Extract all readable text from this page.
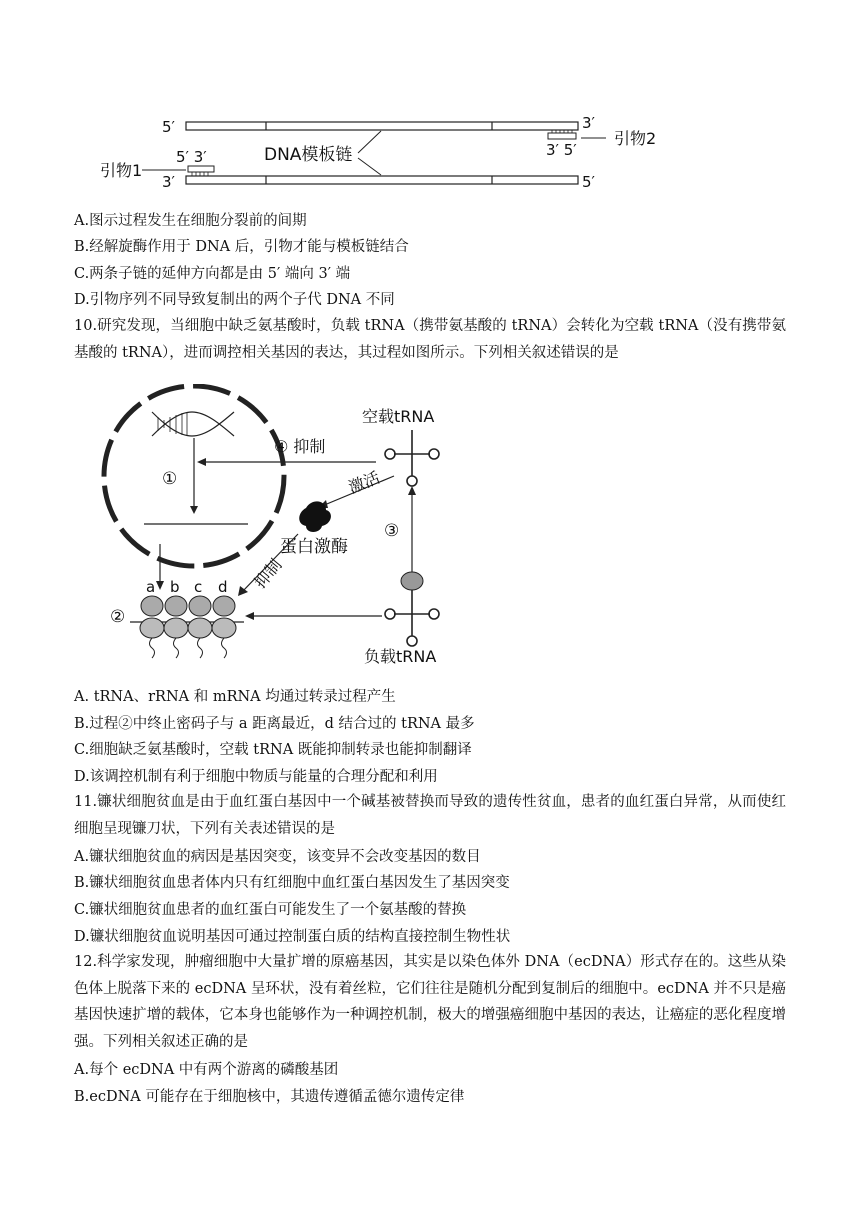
5′	3′
3′ 5′
引物2
DNA模板链
5′ 3′
引物1
3′	5′
A.图示过程发生在细胞分裂前的间期
B.经解旋酶作用于 DNA 后，引物才能与模板链结合
C.两条子链的延伸方向都是由 5′ 端向 3′ 端
D.引物序列不同导致复制出的两个子代 DNA 不同
10.研究发现，当细胞中缺乏氨基酸时，负载 tRNA（携带氨基酸的 tRNA）会转化为空载 tRNA（没有携带氨基酸的 tRNA），进而调控相关基因的表达，其过程如图所示。下列相关叙述错误的是
①
④ 抑制
空载tRNA
激活
蛋白激酶
③
负载tRNA
抑制
②
a b c d
A. tRNA、rRNA 和 mRNA 均通过转录过程产生
B.过程②中终止密码子与 a 距离最近，d 结合过的 tRNA 最多
C.细胞缺乏氨基酸时，空载 tRNA 既能抑制转录也能抑制翻译
D.该调控机制有利于细胞中物质与能量的合理分配和利用
11.镰状细胞贫血是由于血红蛋白基因中一个碱基被替换而导致的遗传性贫血，患者的血红蛋白异常，从而使红细胞呈现镰刀状，下列有关表述错误的是
A.镰状细胞贫血的病因是基因突变，该变异不会改变基因的数目
B.镰状细胞贫血患者体内只有红细胞中血红蛋白基因发生了基因突变
C.镰状细胞贫血患者的血红蛋白可能发生了一个氨基酸的替换
D.镰状细胞贫血说明基因可通过控制蛋白质的结构直接控制生物性状
12.科学家发现，肿瘤细胞中大量扩增的原癌基因，其实是以染色体外 DNA（ecDNA）形式存在的。这些从染色体上脱落下来的 ecDNA 呈环状，没有着丝粒，它们往往是随机分配到复制后的细胞中。ecDNA 并不只是癌基因快速扩增的载体，它本身也能够作为一种调控机制，极大的增强癌细胞中基因的表达，让癌症的恶化程度增强。下列相关叙述正确的是
A.每个 ecDNA 中有两个游离的磷酸基团
B.ecDNA 可能存在于细胞核中，其遗传遵循孟德尔遗传定律
